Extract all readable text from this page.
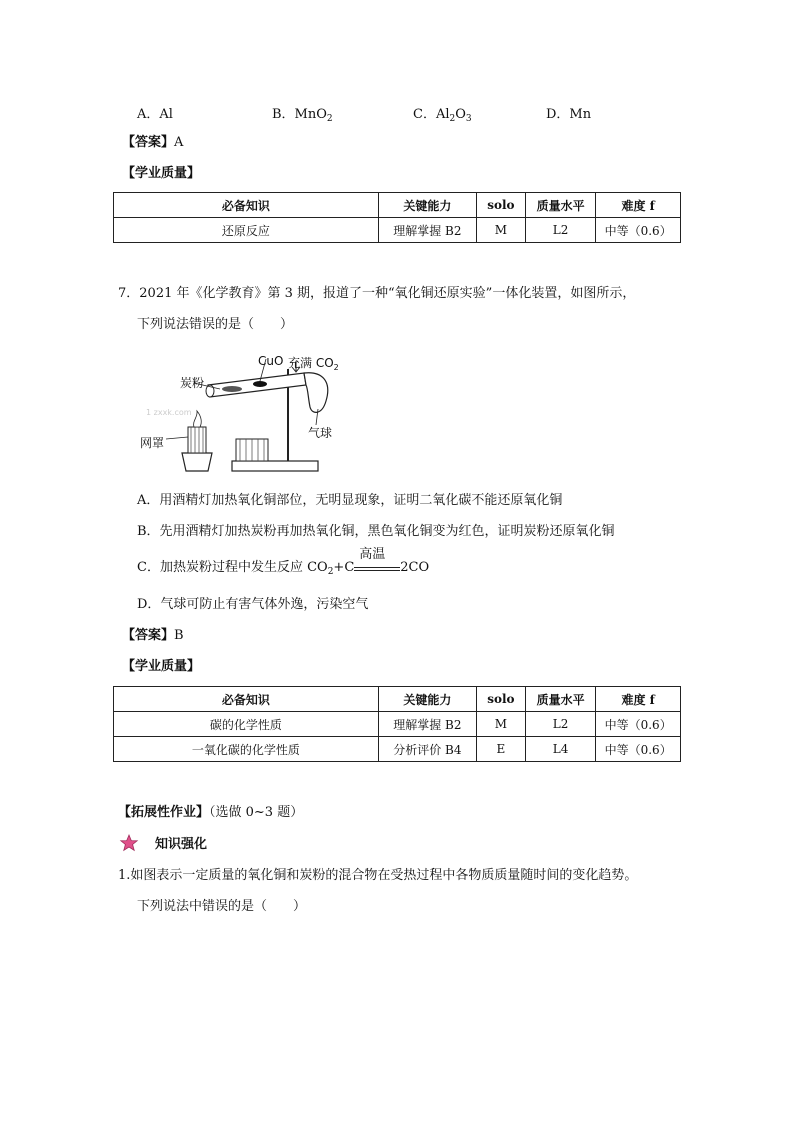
A．Al	B．MnO$_2$	C．$Al_2O_3$	D．Mn
【答案】A
【学业质量】
必备知识	关键能力	solo	质量水平	难度 f
还原反应	理解掌握 B2	M	L2	中等（0.6）
7．2021 年《化学教育》第 3 期，报道了一种“氧化铜还原实验”一体化装置，如图所示，
下列说法错误的是（　　）
1 zxxk.com
CuO 充满 $CO_2$
炭粉
气球
网罩
A．用酒精灯加热氧化铜部位，无明显现象，证明二氧化碳不能还原氧化铜
B．先用酒精灯加热炭粉再加热氧化铜，黑色氧化铜变为红色，证明炭粉还原氧化铜
C．加热炭粉过程中发生反应 $CO_2+C$
高温
2CO
D．气球可防止有害气体外逸，污染空气
【答案】B
【学业质量】
必备知识	关键能力	solo	质量水平	难度 f
碳的化学性质	理解掌握 B2	M	L2	中等（0.6）
一氧化碳的化学性质	分析评价 B4	E	L4	中等（0.6）
【拓展性作业】（选做 0~3 题）
知识强化
1.如图表示一定质量的氧化铜和炭粉的混合物在受热过程中各物质质量随时间的变化趋势。
下列说法中错误的是（　　）
